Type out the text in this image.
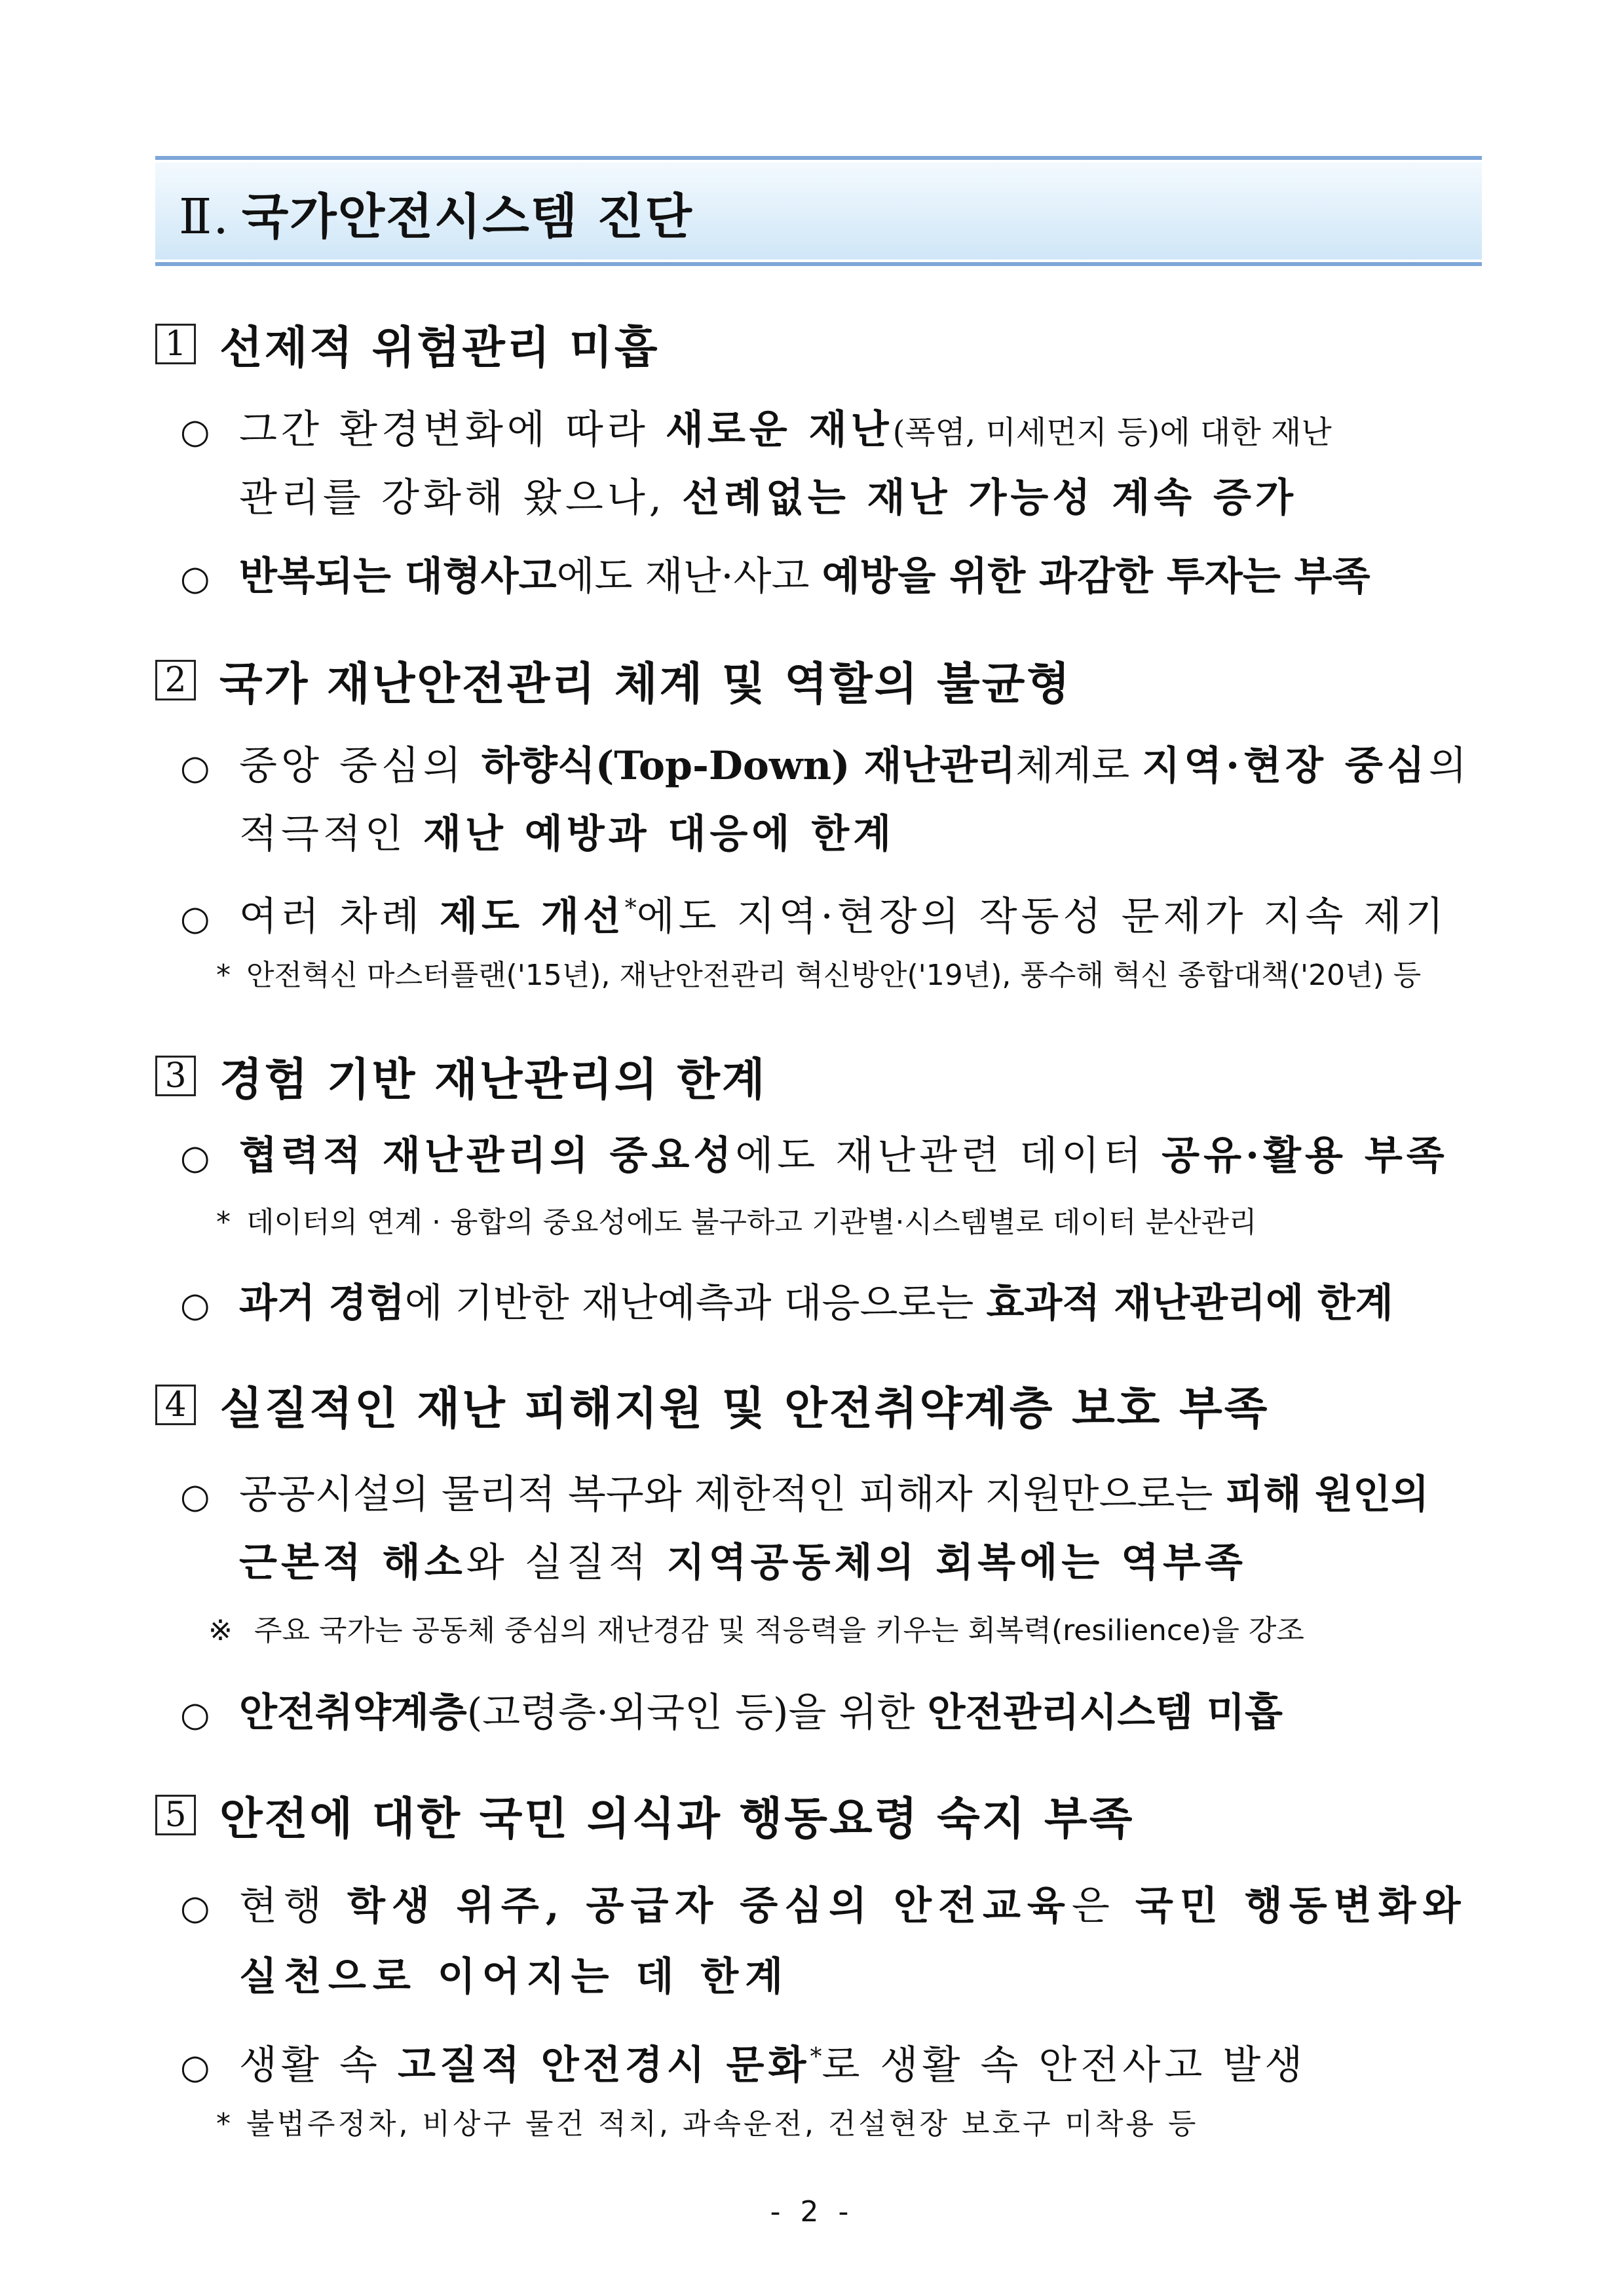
Ⅱ. 국가안전시스템 진단
1 선제적 위험관리 미흡
○ 그간 환경변화에 따라 새로운 재난(폭염, 미세먼지 등)에 대한 재난
관리를 강화해 왔으나, 선례없는 재난 가능성 계속 증가
○ 반복되는 대형사고에도 재난·사고 예방을 위한 과감한 투자는 부족
2 국가 재난안전관리 체계 및 역할의 불균형
○ 중앙 중심의 하향식(Top-Down) 재난관리체계로 지역·현장 중심의
적극적인 재난 예방과 대응에 한계
○ 여러 차례 제도 개선*에도 지역·현장의 작동성 문제가 지속 제기
* 안전혁신 마스터플랜('15년), 재난안전관리 혁신방안('19년), 풍수해 혁신 종합대책('20년) 등
3 경험 기반 재난관리의 한계
○ 협력적 재난관리의 중요성에도 재난관련 데이터 공유·활용 부족
* 데이터의 연계 · 융합의 중요성에도 불구하고 기관별·시스템별로 데이터 분산관리
○ 과거 경험에 기반한 재난예측과 대응으로는 효과적 재난관리에 한계
4 실질적인 재난 피해지원 및 안전취약계층 보호 부족
○ 공공시설의 물리적 복구와 제한적인 피해자 지원만으로는 피해 원인의
근본적 해소와 실질적 지역공동체의 회복에는 역부족
※ 주요 국가는 공동체 중심의 재난경감 및 적응력을 키우는 회복력(resilience)을 강조
○ 안전취약계층(고령층·외국인 등)을 위한 안전관리시스템 미흡
5 안전에 대한 국민 의식과 행동요령 숙지 부족
○ 현행 학생 위주, 공급자 중심의 안전교육은 국민 행동변화와
실천으로 이어지는 데 한계
○ 생활 속 고질적 안전경시 문화*로 생활 속 안전사고 발생
* 불법주정차, 비상구 물건 적치, 과속운전, 건설현장 보호구 미착용 등
- 2 -
